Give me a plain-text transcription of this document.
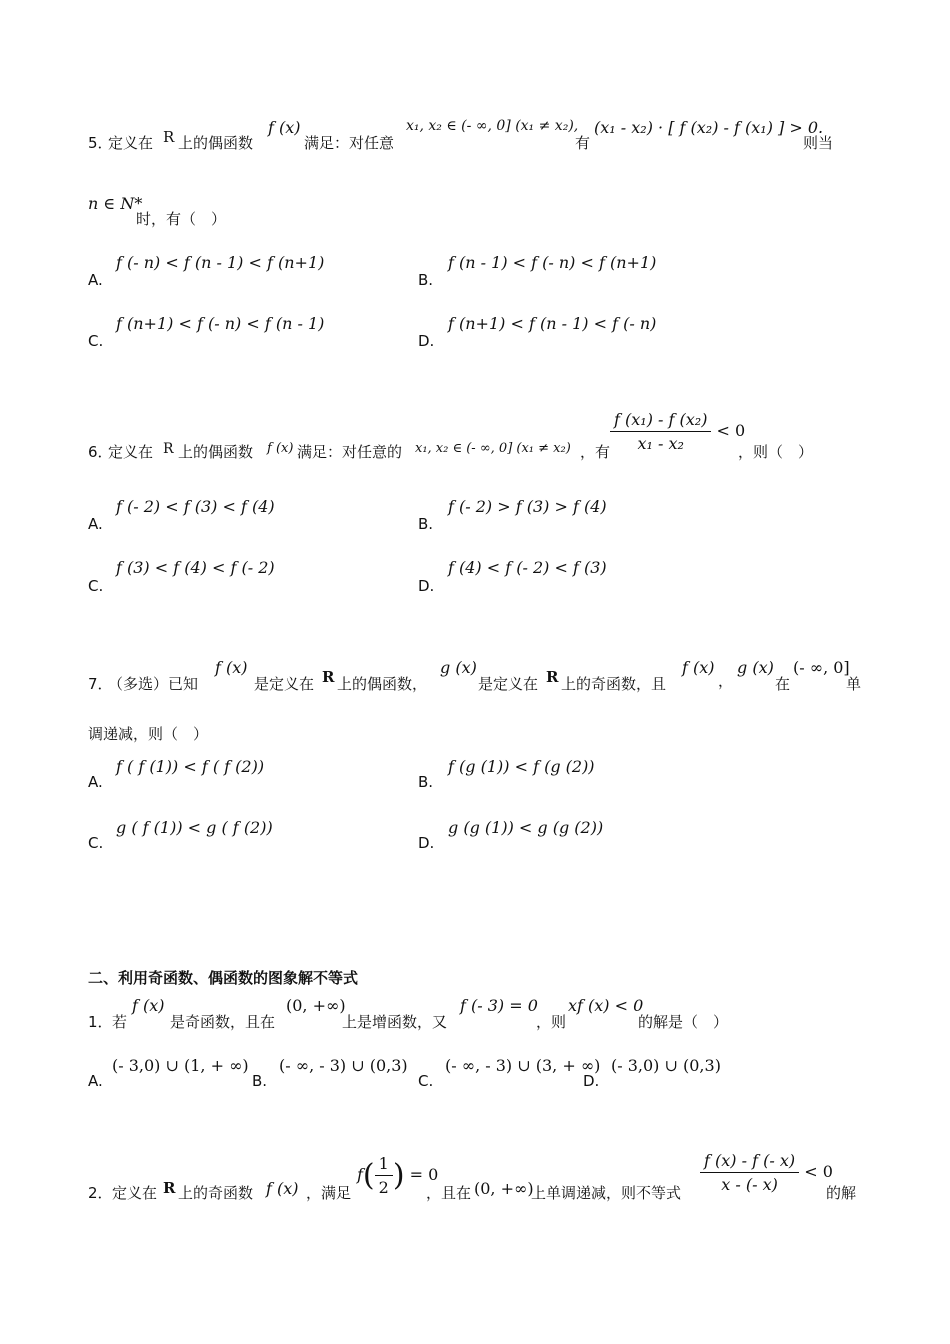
5．
定义在 R 上的偶函数
f (x)
满足：对任意
x₁, x₂ ∈ (- ∞, 0] (x₁ ≠ x₂),
有
(x₁ - x₂) · [ f (x₂) - f (x₁) ] > 0.
则当
n ∈ N*
时，有（　）
A.
f (- n) < f (n - 1) < f (n+1)
B.
f (n - 1) < f (- n) < f (n+1)
C.
f (n+1) < f (- n) < f (n - 1)
D.
f (n+1) < f (n - 1) < f (- n)
6．
定义在 R 上的偶函数 f (x) 满足：对任意的 x₁, x₂ ∈ (- ∞, 0] (x₁ ≠ x₂) ，有 $\frac{\text{f (x₁) - f (x₂)}}{\text{x₁ - x₂}} < 0$
，则（　）
A.
f (- 2) < f (3) < f (4)
B.
f (- 2) > f (3) > f (4)
C.
f (3) < f (4) < f (- 2)
D.
f (4) < f (- 2) < f (3)
7．
（多选）已知
f (x)
是定义在 R 上的偶函数，
g (x)
是定义在 R 上的奇函数，且
f (x)
，
g (x)
在
(- ∞, 0]
单
调递减，则（　）
A.
f ( f (1)) < f ( f (2))
B.
f (g (1)) < f (g (2))
C.
g ( f (1)) < g ( f (2))
D.
g (g (1)) < g (g (2))
二、利用奇函数、偶函数的图象解不等式
1． 若
f (x)
是奇函数，且在
(0, +∞)
上是增函数，又
f (- 3) = 0
，则
xf (x) < 0
的解是（　）
A.
(- 3,0) ∪ (1, + ∞)
B.
(- ∞, - 3) ∪ (0,3)
C.
(- ∞, - 3) ∪ (3, + ∞)
D.
(- 3,0) ∪ (0,3)
2． 定义在 R 上的奇函数 f (x) ，满足
$f( \frac{1}{2}$ ) = 0
，且在 (0, +∞)
上单调递减，则不等式 $\frac{f (x) - f (- x)}{x - (- x)} < 0$
的解
